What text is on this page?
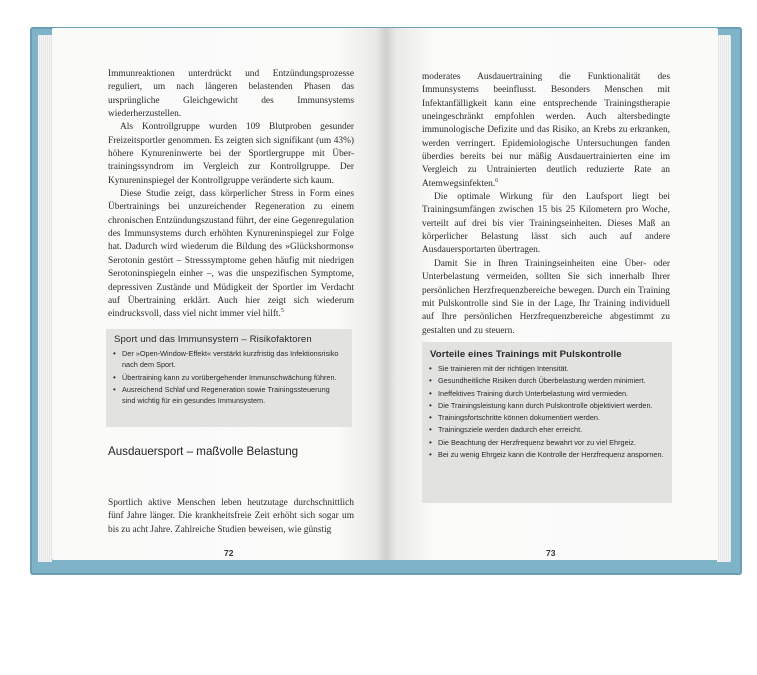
Immunreaktionen unterdrückt und Entzündungsprozesse reguliert, um nach längeren belastenden Phasen das ursprüngliche Gleichgewicht des Immunsystems wiederherzustellen.

Als Kontrollgruppe wurden 109 Blutproben gesunder Freizeitsportler genommen. Es zeigten sich signifikant (um 43%) höhere Kynureninwerte bei der Sportlergruppe mit Über- trainingssyndrom im Vergleich zur Kontrollgruppe. Der Kynureninspiegel der Kontrollgruppe veränderte sich kaum.

Diese Studie zeigt, dass körperlicher Stress in Form eines Übertrainings bei unzureichender Regeneration zu einem chronischen Entzündungszustand führt, der eine Gegenregulation des Immunsystems durch erhöhten Kynureninspiegel zur Folge hat. Dadurch wird wiederum die Bildung des »Glückshormons« Serotonin gestört – Stresssymptome gehen häufig mit niedrigen Serotoninspiegeln einher –, was die unspezifischen Symptome, depressiven Zustände und Müdigkeit der Sportler im Verdacht auf Übertraining erklärt. Auch hier zeigt sich wiederum eindrucksvoll, dass viel nicht immer viel hilft.$^5$

Sport und das Immunsystem – Risikofaktoren
• Der »Open-Window-Effekt« verstärkt kurzfristig das Infektionsrisiko nach dem Sport.
• Übertraining kann zu vorübergehender Immunschwächung führen.
• Ausreichend Schlaf und Regeneration sowie Trainingssteuerung sind wichtig für ein gesundes Immunsystem.
Ausdauersport – maßvolle Belastung

Sportlich aktive Menschen leben heutzutage durchschnittlich fünf Jahre länger. Die krankheitsfreie Zeit erhöht sich sogar um bis zu acht Jahre. Zahlreiche Studien beweisen, wie günstig

72

moderates Ausdauertraining die Funktionalität des Immunsystems beeinflusst. Besonders Menschen mit Infektanfälligkeit kann eine entsprechende Trainingstherapie uneingeschränkt empfohlen werden. Auch altersbedingte immunologische Defizite und das Risiko, an Krebs zu erkranken, werden verringert. Epidemiologische Untersuchungen fanden überdies bereits bei nur mäßig Ausdauertrainierten eine im Vergleich zu Untrainierten deutlich reduzierte Rate an Atemwegsinfekten.$^6$

Die optimale Wirkung für den Laufsport liegt bei Trainingsumfängen zwischen 15 bis 25 Kilometern pro Woche, verteilt auf drei bis vier Trainingseinheiten. Dieses Maß an körperlicher Belastung lässt sich auch auf andere Ausdauersportarten übertragen.

Damit Sie in Ihren Trainingseinheiten eine Über- oder Unterbelastung vermeiden, sollten Sie sich innerhalb Ihrer persönlichen Herzfrequenzbereiche bewegen. Durch ein Training mit Pulskontrolle sind Sie in der Lage, Ihr Training individuell auf Ihre persönlichen Herzfrequenzbereiche abgestimmt zu gestalten und zu steuern.

Vorteile eines Trainings mit Pulskontrolle
• Sie trainieren mit der richtigen Intensität.
• Gesundheitliche Risiken durch Überbelastung werden minimiert.
• Ineffektives Training durch Unterbelastung wird vermieden.
• Die Trainingsleistung kann durch Pulskontrolle objektiviert werden.
• Trainingsfortschritte können dokumentiert werden.
• Trainingsziele werden dadurch eher erreicht.
• Die Beachtung der Herzfrequenz bewahrt vor zu viel Ehrgeiz.
• Bei zu wenig Ehrgeiz kann die Kontrolle der Herzfrequenz anspornen.
73
